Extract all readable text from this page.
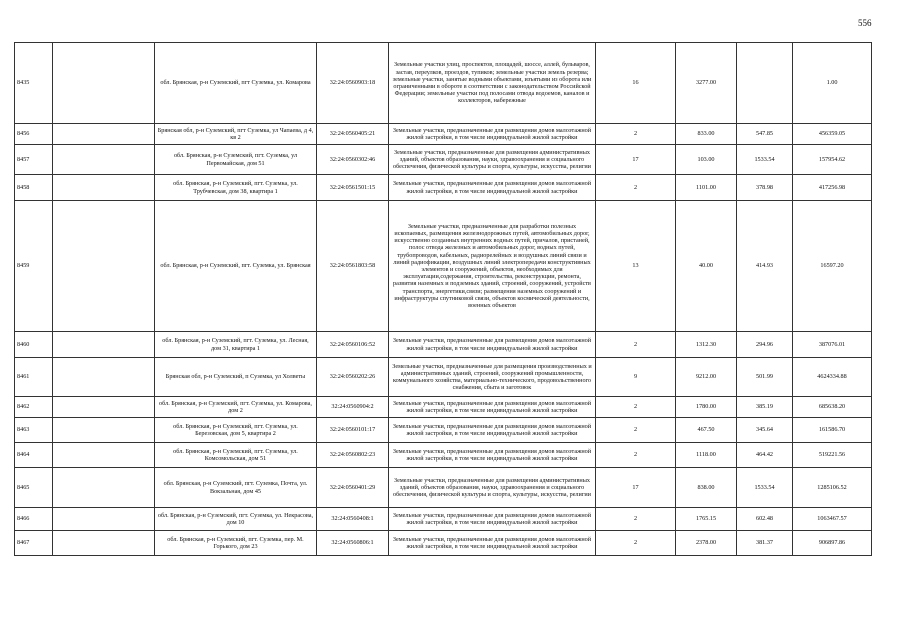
556
8435		обл. Брянская, р-н Суземский, пгт Суземка, ул. Комарова	32:24:0560903:18	Земельные участки улиц, проспектов, площадей, шоссе, аллей, бульваров, застав, переулков, проездов, тупиков; земельные участки земель резерва; земельные участки, занятые водными объектами, изъятыми из оборота или ограниченными в обороте в соответствии с законодательством Российской Федерации; земельные участки под полосами отвода водоемов, каналов и коллекторов, набережные	16	3277.00		1.00
8456		Брянская обл, р-н Суземский, пгт Суземка, ул Чапаева, д 4, кв 2	32:24:0560405:21	Земельные участки, предназначенные для размещения домов малоэтажной жилой застройки, в том числе индивидуальной жилой застройки	2	833.00	547.85	456359.05
8457		обл. Брянская, р-н Суземский, пгт. Суземка, ул Первомайская, дом 51	32:24:0560302:46	Земельные участки, предназначенные для размещения административных зданий, объектов образования, науки, здравоохранения и социального обеспечения, физической культуры и спорта, культуры, искусства, религии	17	103.00	1533.54	157954.62
8458		обл. Брянская, р-н Суземский, пгт. Суземка, ул. Трубчевская, дом 38, квартира 1	32:24:0561501:15	Земельные участки, предназначенные для размещения домов малоэтажной жилой застройки, в том числе индивидуальной жилой застройки	2	1101.00	378.98	417256.98
8459		обл. Брянская, р-н Суземский, пгт. Суземка, ул. Брянская	32:24:0561803:58	Земельные участки, предназначенные для разработки полезных ископаемых, размещения железнодорожных путей, автомобильных дорог, искусственно созданных внутренних водных путей, причалов, пристаней, полос отвода железных и автомобильных дорог, водных путей, трубопроводов, кабельных, радиорелейных и воздушных линий связи и линий радиофикации, воздушных линий электропередачи конструктивных элементов и сооружений, объектов, необходимых для эксплуатации,содержания, строительства, реконструкции, ремонта, развития наземных и подземных зданий, строений, сооружений, устройств транспорта, энергетики,связи; размещения наземных сооружений и инфраструктуры спутниковой связи, объектов космической деятельности, военных объектов	13	40.00	414.93	16597.20
8460		обл. Брянская, р-н Суземский, пгт. Суземка, ул. Лесная, дом 31, квартира 1	32:24:0560106:52	Земельные участки, предназначенные для размещения домов малоэтажной жилой застройки, в том числе индивидуальной жилой застройки	2	1312.30	294.96	387076.01
8461		Брянская обл, р-н Суземский, п Суземка, ул Холветы	32:24:0560202:26	Земельные участки, предназначенные для размещения производственных и административных зданий, строений, сооружений промышленности, коммунального хозяйства, материально-технического, продовольственного снабжения, сбыта и заготовок	9	9212.00	501.99	4624334.88
8462		обл. Брянская, р-н Суземский, пгт. Суземка, ул. Комарова, дом 2	32:24:0560904:2	Земельные участки, предназначенные для размещения домов малоэтажной жилой застройки, в том числе индивидуальной жилой застройки	2	1780.00	385.19	685638.20
8463		обл. Брянская, р-н Суземский, пгт. Суземка, ул. Березовская, дом 5, квартира 2	32:24:0560101:17	Земельные участки, предназначенные для размещения домов малоэтажной жилой застройки, в том числе индивидуальной жилой застройки	2	467.50	345.64	161586.70
8464		обл. Брянская, р-н Суземский, пгт. Суземка, ул. Комсомольская, дом 51	32:24:0560802:23	Земельные участки, предназначенные для размещения домов малоэтажной жилой застройки, в том числе индивидуальной жилой застройки	2	1118.00	464.42	519221.56
8465		обл. Брянская, р-н Суземский, пгт. Суземка, Почта, ул. Вокзальная, дом 45	32:24:0560401:29	Земельные участки, предназначенные для размещения административных зданий, объектов образования, науки, здравоохранения и социального обеспечения, физической культуры и спорта, культуры, искусства, религии	17	838.00	1533.54	1285106.52
8466		обл. Брянская, р-н Суземский, пгт. Суземка, ул. Некрасова, дом 10	32:24:0560408:1	Земельные участки, предназначенные для размещения домов малоэтажной жилой застройки, в том числе индивидуальной жилой застройки	2	1765.15	602.48	1063467.57
8467		обл. Брянская, р-н Суземский, пгт. Суземка, пер. М. Горького, дом 23	32:24:0560806:1	Земельные участки, предназначенные для размещения домов малоэтажной жилой застройки, в том числе индивидуальной жилой застройки	2	2378.00	381.37	906897.86
